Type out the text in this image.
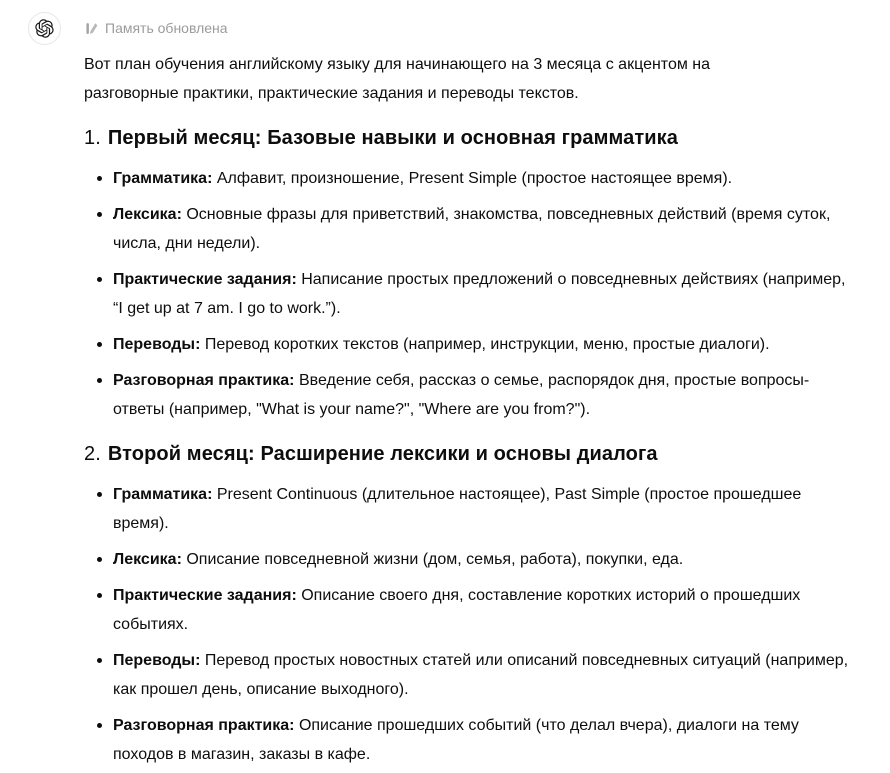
Память обновлена

Вот план обучения английскому языку для начинающего на 3 месяца с акцентом на разговорные практики, практические задания и переводы текстов.

1. Первый месяц: Базовые навыки и основная грамматика
Грамматика: Алфавит, произношение, Present Simple (простое настоящее время).
Лексика: Основные фразы для приветствий, знакомства, повседневных действий (время суток, числа, дни недели).
Практические задания: Написание простых предложений о повседневных действиях (например, “I get up at 7 am. I go to work.”).
Переводы: Перевод коротких текстов (например, инструкции, меню, простые диалоги).
Разговорная практика: Введение себя, рассказ о семье, распорядок дня, простые вопросы-ответы (например, "What is your name?", "Where are you from?").
2. Второй месяц: Расширение лексики и основы диалога
Грамматика: Present Continuous (длительное настоящее), Past Simple (простое прошедшее время).
Лексика: Описание повседневной жизни (дом, семья, работа), покупки, еда.
Практические задания: Описание своего дня, составление коротких историй о прошедших событиях.
Переводы: Перевод простых новостных статей или описаний повседневных ситуаций (например, как прошел день, описание выходного).
Разговорная практика: Описание прошедших событий (что делал вчера), диалоги на тему походов в магазин, заказы в кафе.
